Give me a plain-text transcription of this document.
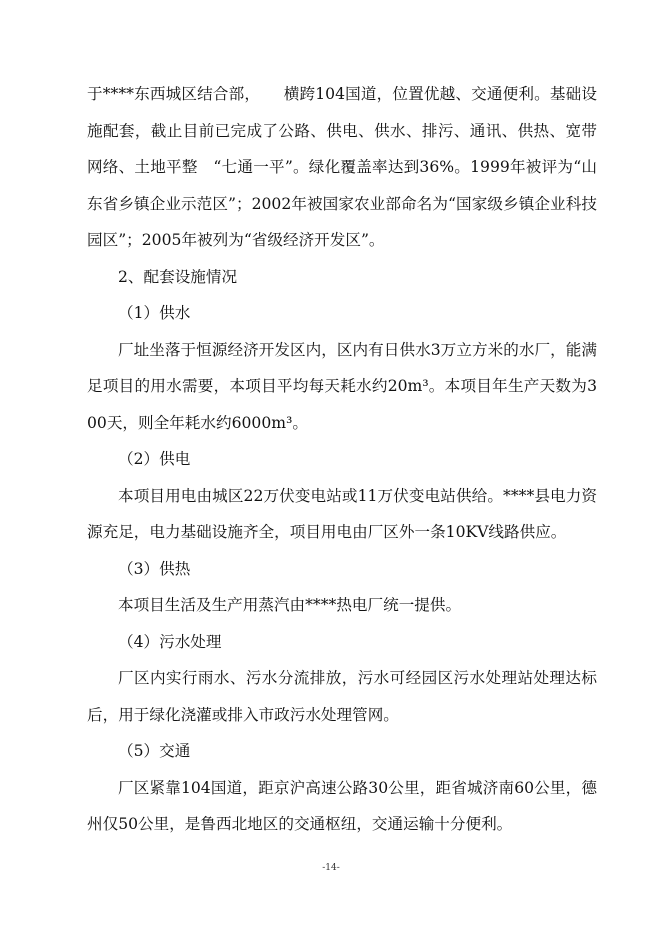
于****东西城区结合部，　　横跨104国道，位置优越、交通便利。基础设施配套，截止目前已完成了公路、供电、供水、排污、通讯、供热、宽带网络、土地平整　“七通一平”。绿化覆盖率达到36%。1999年被评为“山东省乡镇企业示范区”；2002年被国家农业部命名为“国家级乡镇企业科技园区”；2005年被列为“省级经济开发区”。

2、配套设施情况

（1）供水

厂址坐落于恒源经济开发区内，区内有日供水3万立方米的水厂，能满足项目的用水需要，本项目平均每天耗水约20m³。本项目年生产天数为300天，则全年耗水约6000m³。

（2）供电

本项目用电由城区22万伏变电站或11万伏变电站供给。****县电力资源充足，电力基础设施齐全，项目用电由厂区外一条10KV线路供应。

（3）供热

本项目生活及生产用蒸汽由****热电厂统一提供。

（4）污水处理

厂区内实行雨水、污水分流排放，污水可经园区污水处理站处理达标后，用于绿化浇灌或排入市政污水处理管网。

（5）交通

厂区紧靠104国道，距京沪高速公路30公里，距省城济南60公里，德州仅50公里，是鲁西北地区的交通枢纽，交通运输十分便利。

-14-
